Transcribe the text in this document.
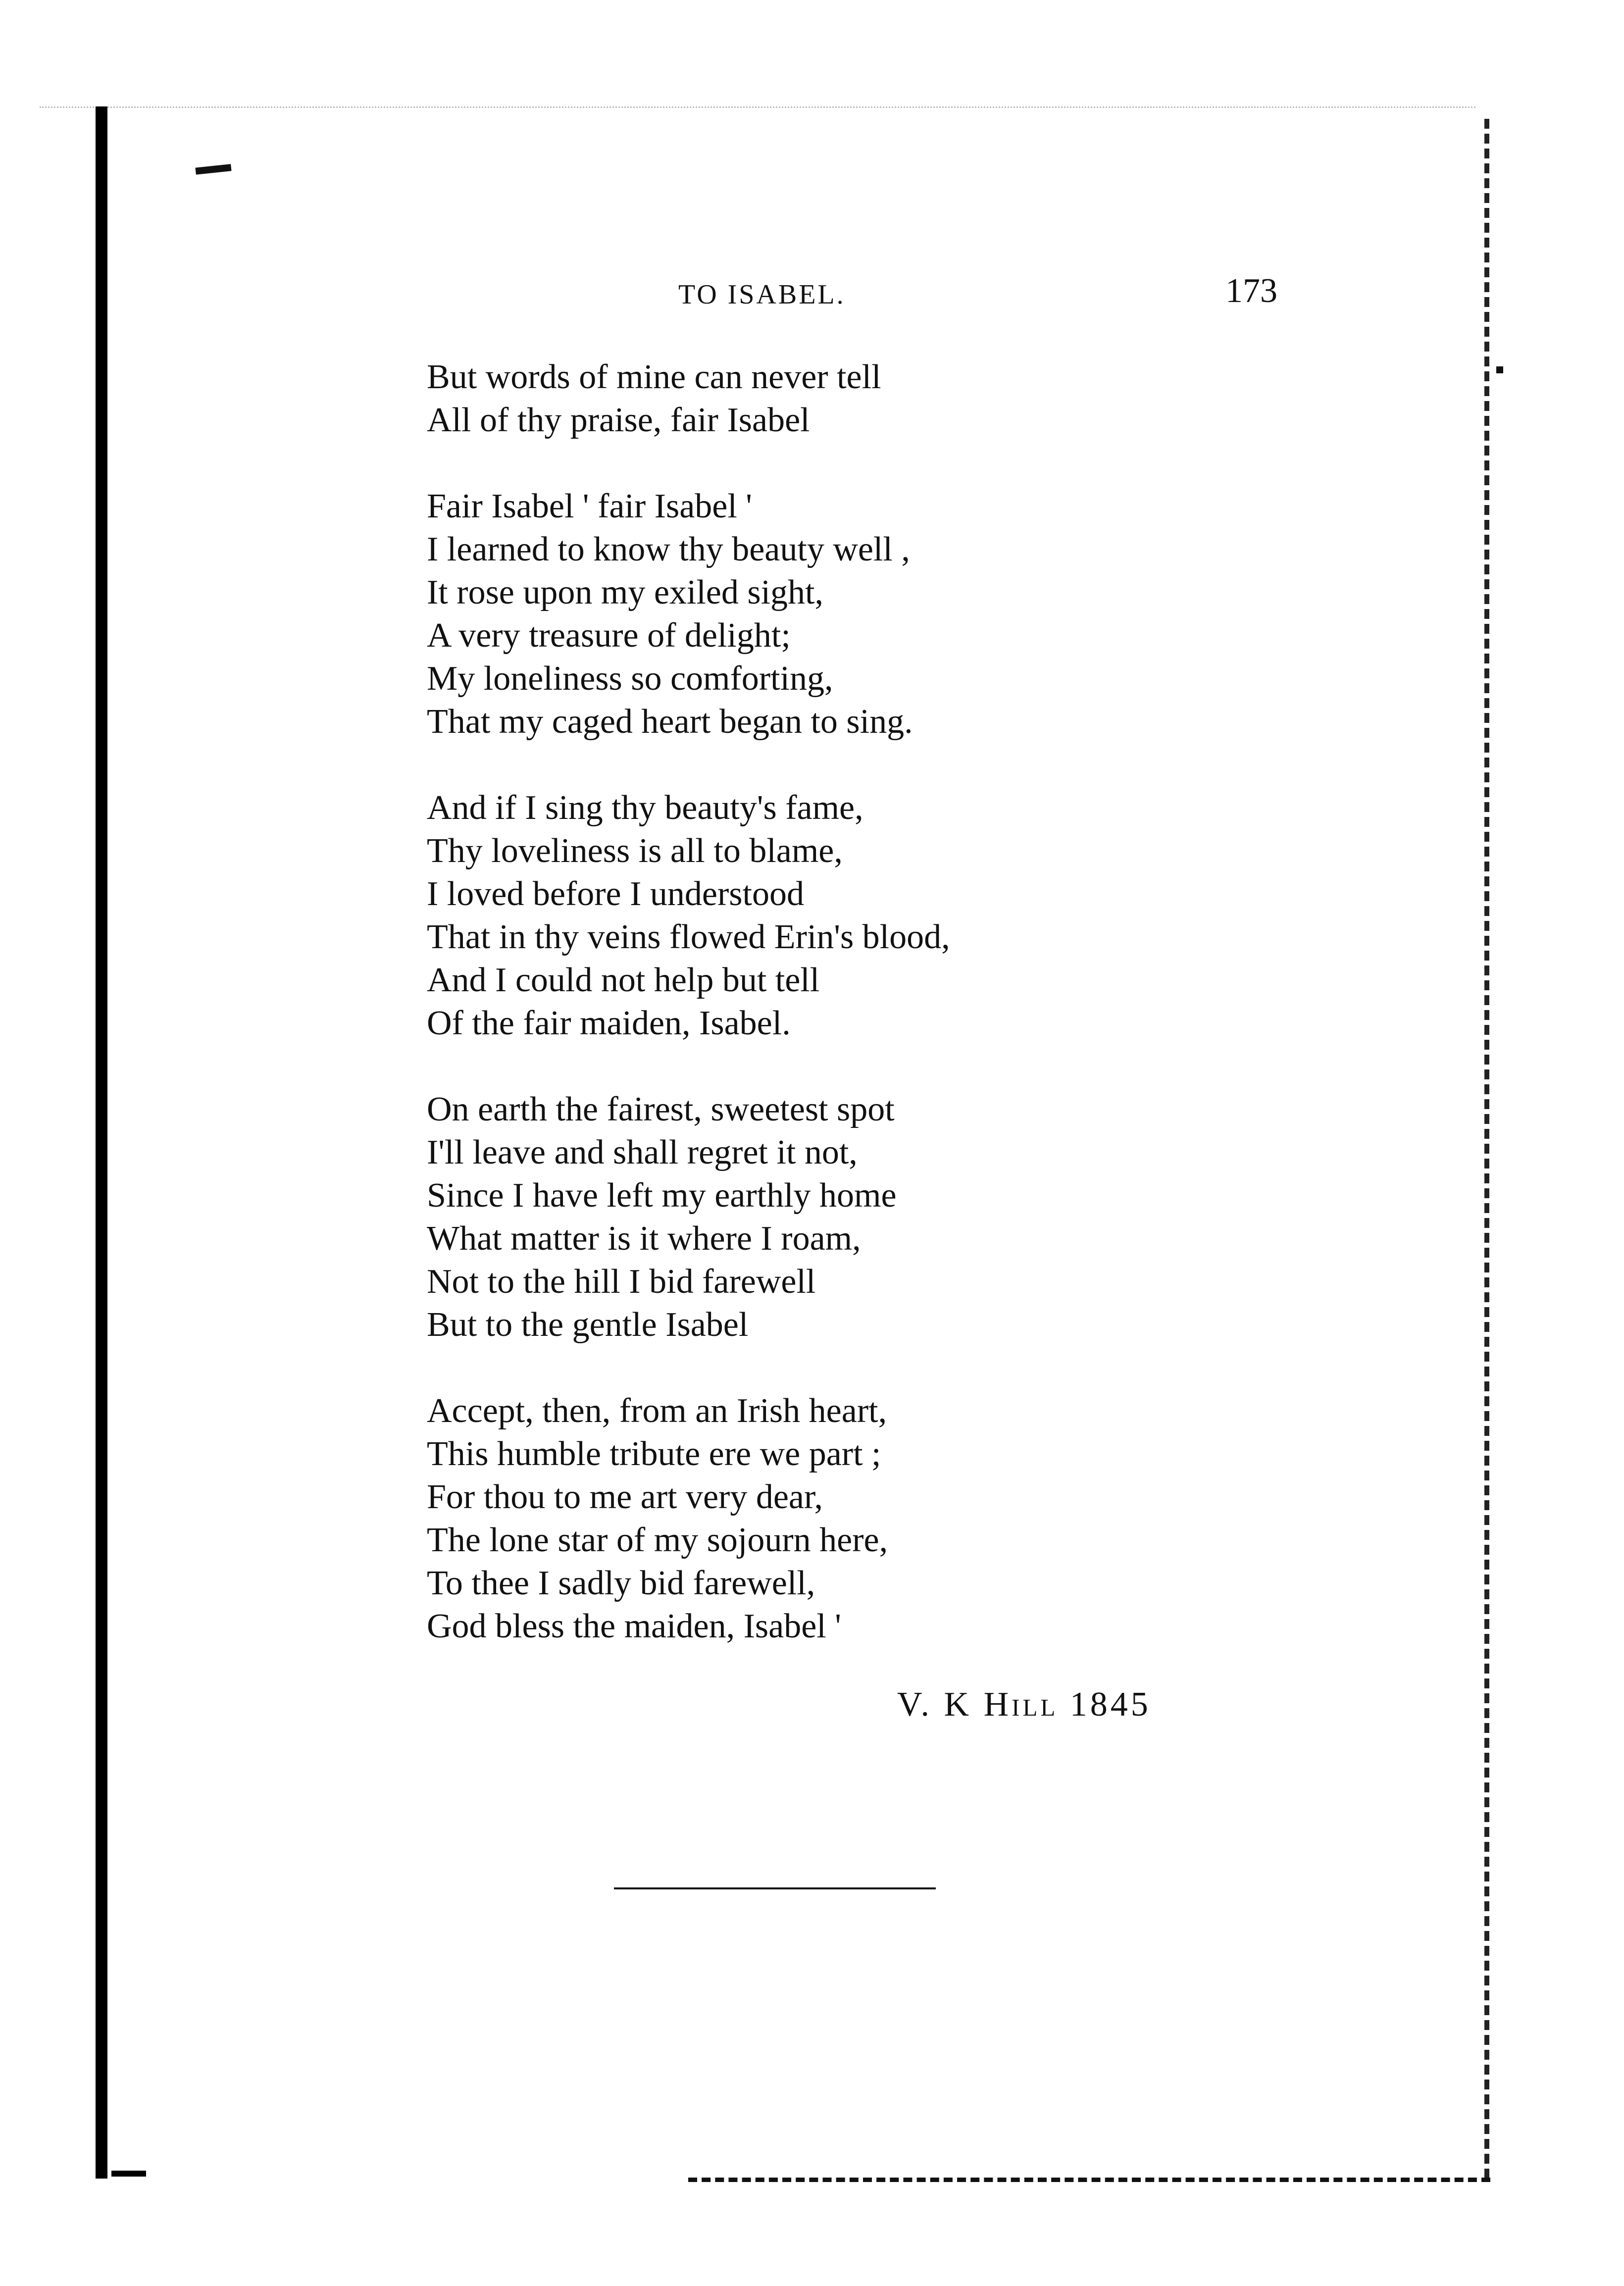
TO ISABEL.	173
But words of mine can never tell
All of thy praise, fair Isabel
Fair Isabel ' fair Isabel '
I learned to know thy beauty well ,
It rose upon my exiled sight,
A very treasure of delight;
My loneliness so comforting,
That my caged heart began to sing.
And if I sing thy beauty's fame,
Thy loveliness is all to blame,
I loved before I understood
That in thy veins flowed Erin's blood,
And I could not help but tell
Of the fair maiden, Isabel.
On earth the fairest, sweetest spot
I'll leave and shall regret it not,
Since I have left my earthly home
What matter is it where I roam,
Not to the hill I bid farewell
But to the gentle Isabel
Accept, then, from an Irish heart,
This humble tribute ere we part ;
For thou to me art very dear,
The lone star of my sojourn here,
To thee I sadly bid farewell,
God bless the maiden, Isabel '
V. K Hill 1845
